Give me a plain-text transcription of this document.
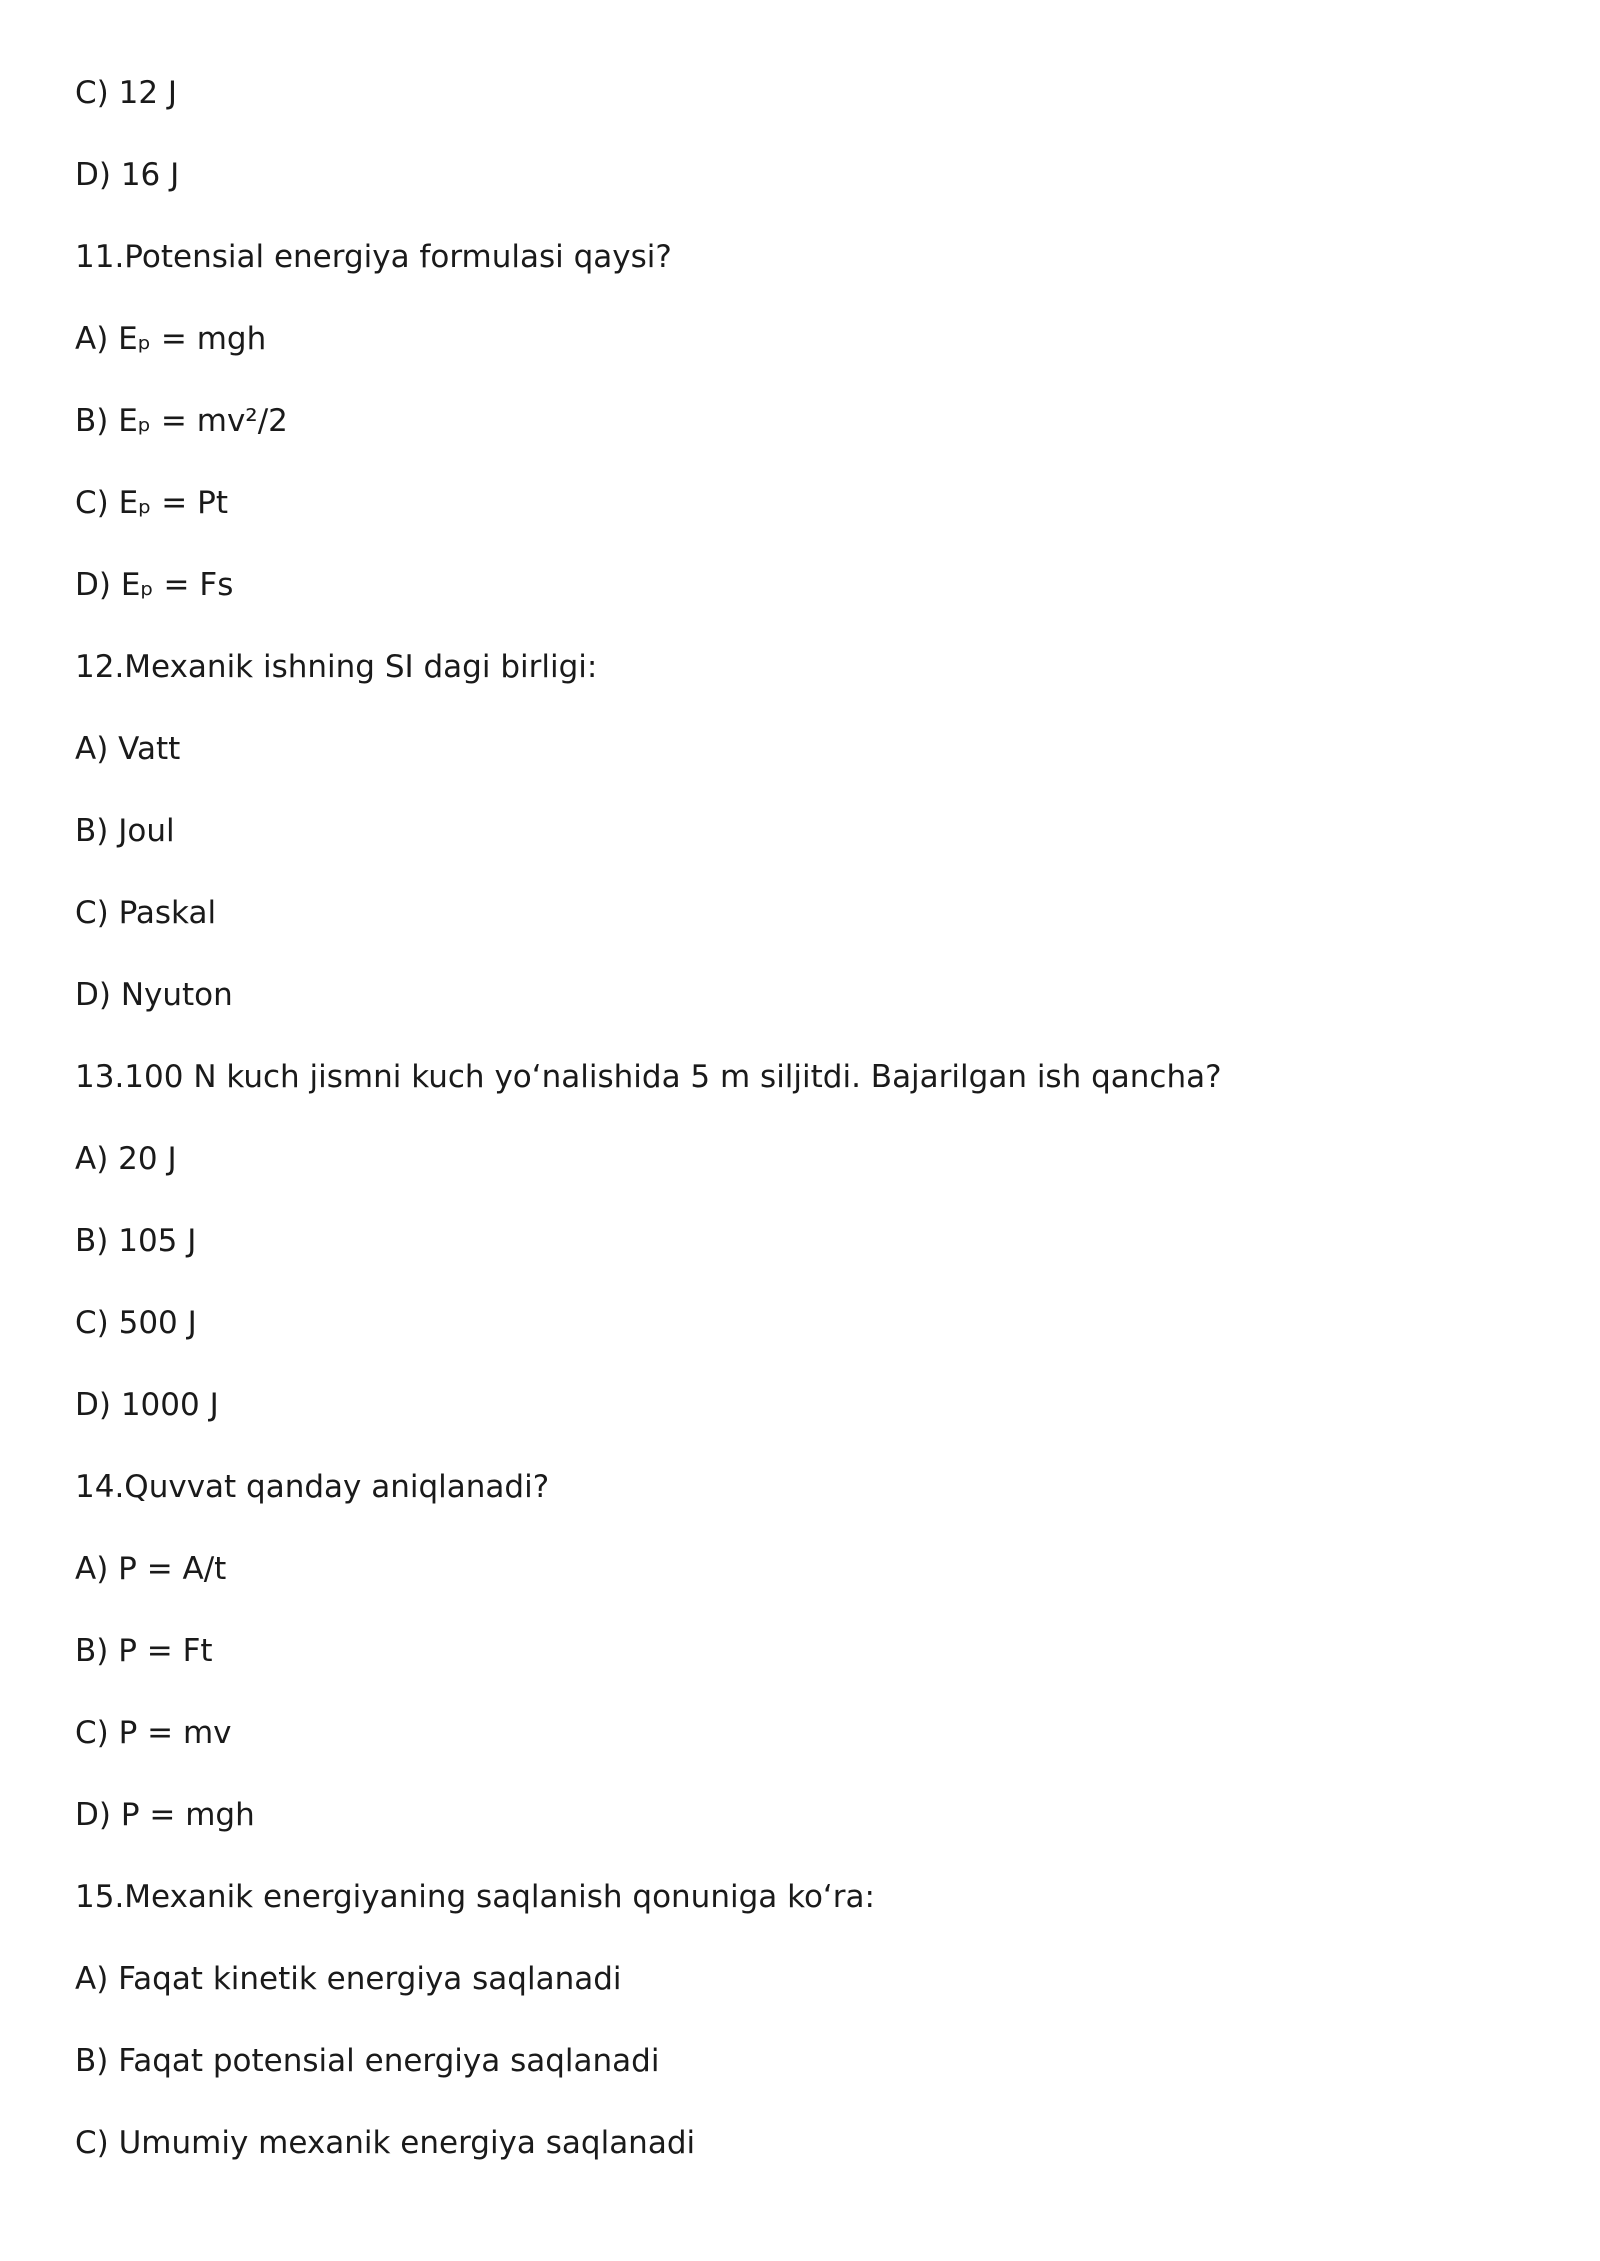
C) 12 J
D) 16 J
11.Potensial energiya formulasi qaysi?
A) Eₚ = mgh
B) Eₚ = mv²/2
C) Eₚ = Pt
D) Eₚ = Fs
12.Mexanik ishning SI dagi birligi:
A) Vatt
B) Joul
C) Paskal
D) Nyuton
13.100 N kuch jismni kuch yo‘nalishida 5 m siljitdi. Bajarilgan ish qancha?
A) 20 J
B) 105 J
C) 500 J
D) 1000 J
14.Quvvat qanday aniqlanadi?
A) P = A/t
B) P = Ft
C) P = mv
D) P = mgh
15.Mexanik energiyaning saqlanish qonuniga ko‘ra:
A) Faqat kinetik energiya saqlanadi
B) Faqat potensial energiya saqlanadi
C) Umumiy mexanik energiya saqlanadi
